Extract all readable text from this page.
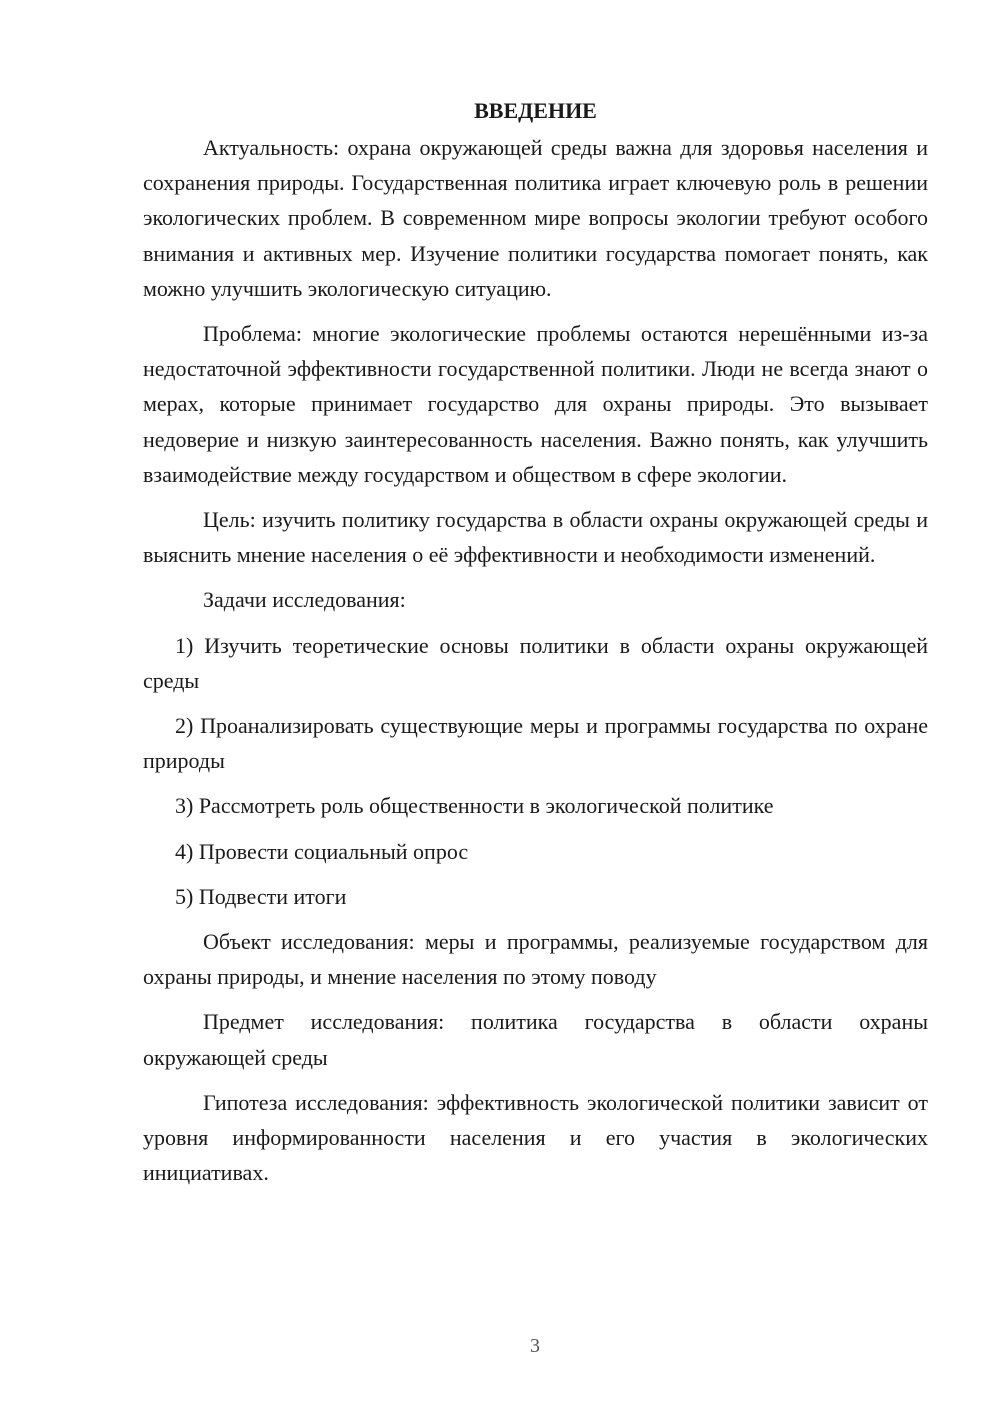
ВВЕДЕНИЕ

Актуальность: охрана окружающей среды важна для здоровья населения и сохранения природы. Государственная политика играет ключевую роль в решении экологических проблем. В современном мире вопросы экологии требуют особого внимания и активных мер. Изучение политики государства помогает понять, как можно улучшить экологическую ситуацию.

Проблема: многие экологические проблемы остаются нерешёнными из-за недостаточной эффективности государственной политики. Люди не всегда знают о мерах, которые принимает государство для охраны природы. Это вызывает недоверие и низкую заинтересованность населения. Важно понять, как улучшить взаимодействие между государством и обществом в сфере экологии.

Цель: изучить политику государства в области охраны окружающей среды и выяснить мнение населения о её эффективности и необходимости изменений.

Задачи исследования:

1) Изучить теоретические основы политики в области охраны окружающей среды

2) Проанализировать существующие меры и программы государства по охране природы

3) Рассмотреть роль общественности в экологической политике

4) Провести социальный опрос

5) Подвести итоги

Объект исследования: меры и программы, реализуемые государством для охраны природы, и мнение населения по этому поводу

Предмет исследования: политика государства в области охраны окружающей среды

Гипотеза исследования: эффективность экологической политики зависит от уровня информированности населения и его участия в экологических инициативах.

3
